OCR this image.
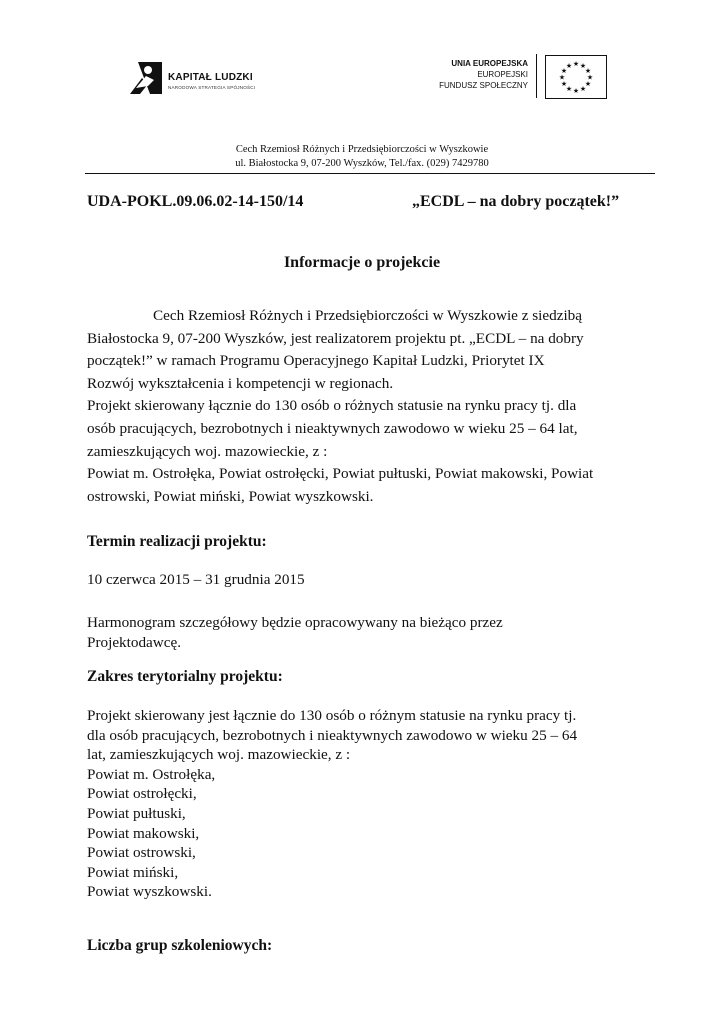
KAPITAŁ LUDZKI
NARODOWA STRATEGIA SPÓJNOŚCI
UNIA EUROPEJSKA
EUROPEJSKI
FUNDUSZ SPOŁECZNY
★ ★
★
★
★
★
★
★
★
★
★
★
Cech Rzemiosł Różnych i Przedsiębiorczości w Wyszkowie
ul. Białostocka 9, 07-200 Wyszków, Tel./fax. (029) 7429780
UDA-POKL.09.06.02-14-150/14	„ECDL – na dobry początek!”
Informacje o projekcie
Cech Rzemiosł Różnych i Przedsiębiorczości w Wyszkowie z siedzibą
Białostocka 9, 07-200 Wyszków, jest realizatorem projektu pt. „ECDL – na dobry
początek!” w ramach Programu Operacyjnego Kapitał Ludzki, Priorytet IX
Rozwój wykształcenia i kompetencji w regionach.
Projekt skierowany łącznie do 130 osób o różnych statusie na rynku pracy tj. dla
osób pracujących, bezrobotnych i nieaktywnych zawodowo w wieku 25 – 64 lat,
zamieszkujących woj. mazowieckie, z :
Powiat m. Ostrołęka, Powiat ostrołęcki, Powiat pułtuski, Powiat makowski, Powiat
ostrowski, Powiat miński, Powiat wyszkowski.
Termin realizacji projektu:
10 czerwca 2015 – 31 grudnia 2015
Harmonogram szczegółowy będzie opracowywany na bieżąco przez
Projektodawcę.
Zakres terytorialny projektu:
Projekt skierowany jest łącznie do 130 osób o różnym statusie na rynku pracy tj.
dla osób pracujących, bezrobotnych i nieaktywnych zawodowo w wieku 25 – 64
lat, zamieszkujących woj. mazowieckie, z :
Powiat m. Ostrołęka,
Powiat ostrołęcki,
Powiat pułtuski,
Powiat makowski,
Powiat ostrowski,
Powiat miński,
Powiat wyszkowski.
Liczba grup szkoleniowych:
